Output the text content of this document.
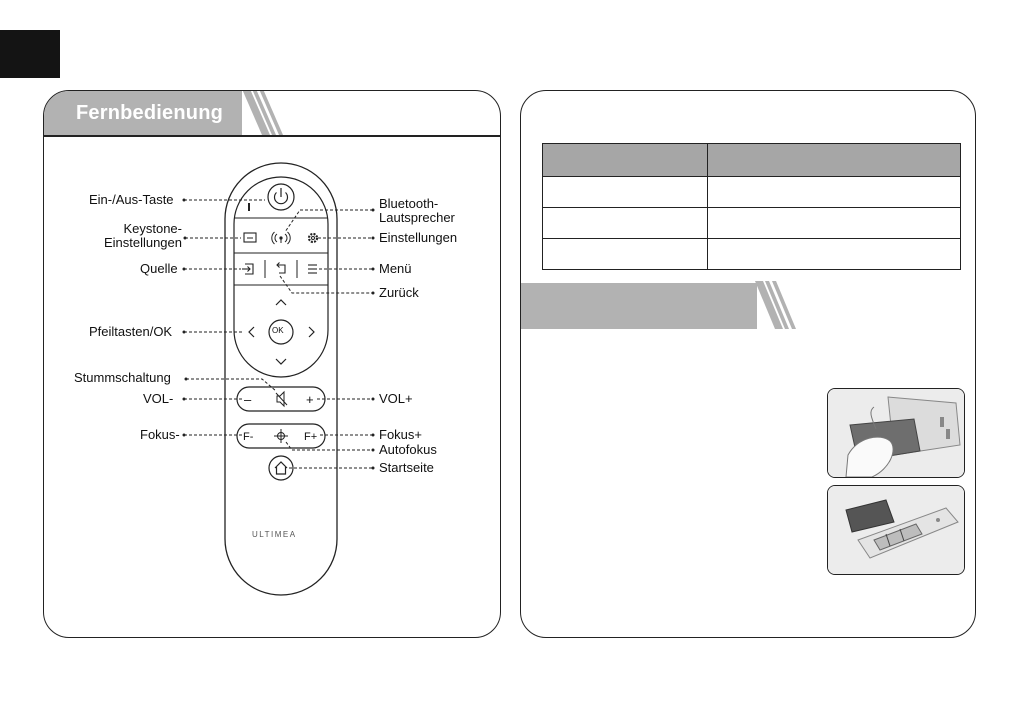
Fernbedienung
OK
–	+
F-	F+
ULTIMEA
Ein-/Aus-Taste
Keystone-
Einstellungen
Quelle
Pfeiltasten/OK
Stummschaltung
VOL-
Fokus-
Bluetooth-
Lautsprecher
Einstellungen
Menü
Zurück
VOL+
Fokus+
Autofokus
Startseite
